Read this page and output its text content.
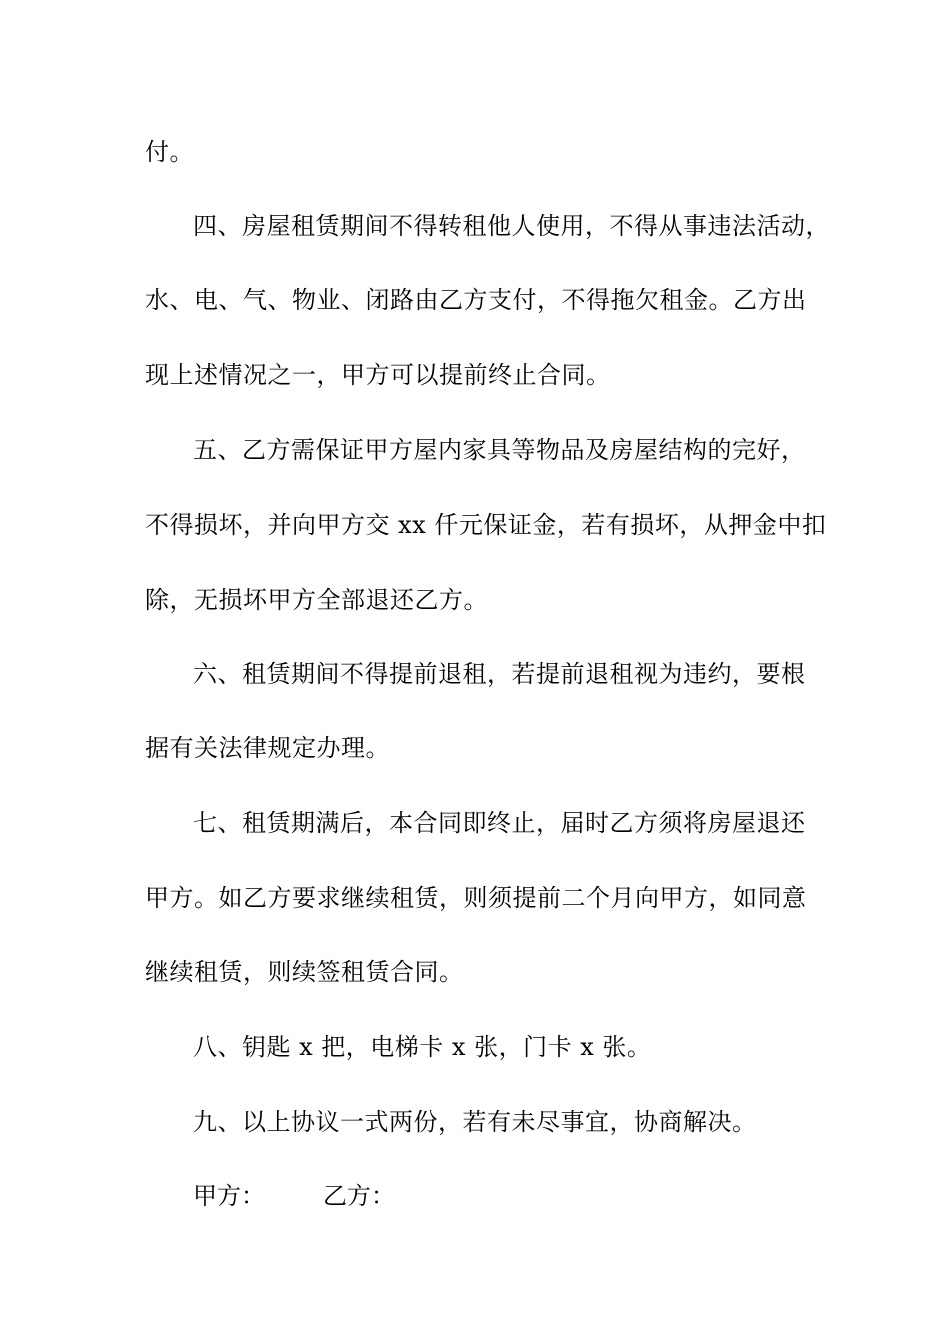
付。
四、房屋租赁期间不得转租他人使用，不得从事违法活动，
水、电、气、物业、闭路由乙方支付，不得拖欠租金。乙方出
现上述情况之一，甲方可以提前终止合同。
五、乙方需保证甲方屋内家具等物品及房屋结构的完好，
不得损坏，并向甲方交 xx 仟元保证金，若有损坏，从押金中扣
除，无损坏甲方全部退还乙方。
六、租赁期间不得提前退租，若提前退租视为违约，要根
据有关法律规定办理。
七、租赁期满后，本合同即终止，届时乙方须将房屋退还
甲方。如乙方要求继续租赁，则须提前二个月向甲方，如同意
继续租赁，则续签租赁合同。
八、钥匙 x 把，电梯卡 x 张，门卡 x 张。
九、以上协议一式两份，若有未尽事宜，协商解决。
甲方： 乙方：
